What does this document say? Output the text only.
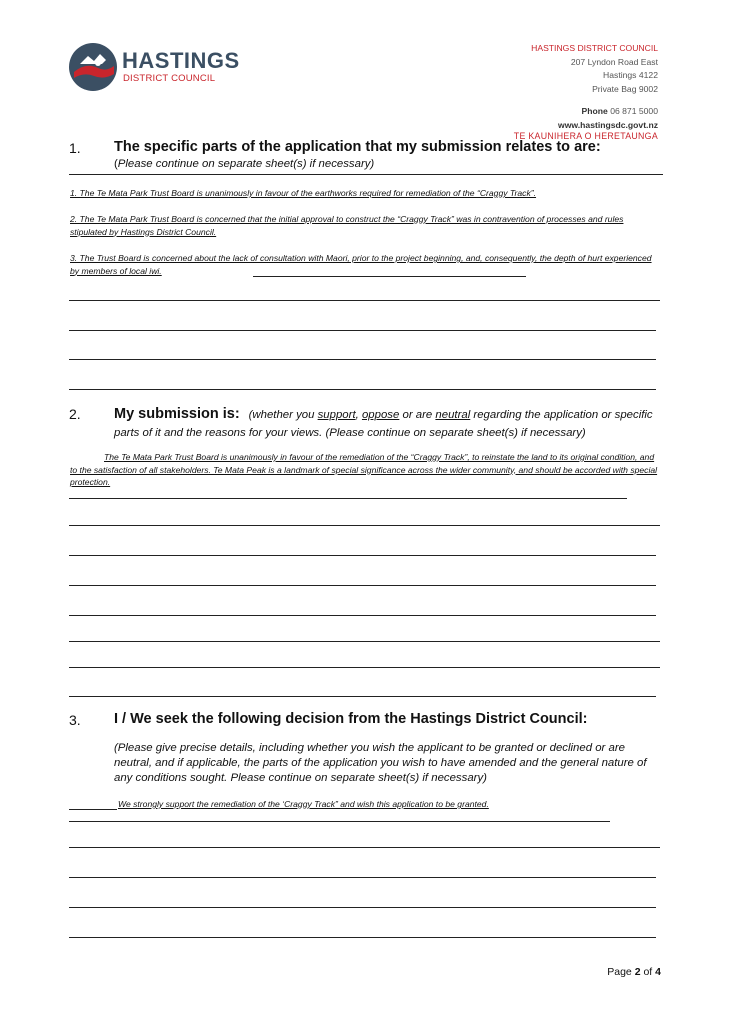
HASTINGS
DISTRICT COUNCIL
HASTINGS DISTRICT COUNCIL
207 Lyndon Road East
Hastings 4122
Private Bag 9002
Phone 06 871 5000
www.hastingsdc.govt.nz
TE KAUNIHERA O HERETAUNGA
1. The specific parts of the application that my submission relates to are:
(Please continue on separate sheet(s) if necessary)
1. The Te Mata Park Trust Board is unanimously in favour of the earthworks required for remediation of the “Craggy Track”.
2. The Te Mata Park Trust Board is concerned that the initial approval to construct the “Craggy Track” was in contravention of processes and rules stipulated by Hastings District Council.
3. The Trust Board is concerned about the lack of consultation with Maori, prior to the project beginning, and, consequently, the depth of hurt experienced by members of local iwi.
2. My submission is: (whether you support, oppose or are neutral regarding the application or specific parts of it and the reasons for your views. (Please continue on separate sheet(s) if necessary)
The Te Mata Park Trust Board is unanimously in favour of the remediation of the “Craggy Track”, to reinstate the land to its original condition, and to the satisfaction of all stakeholders. Te Mata Peak is a landmark of special significance across the wider community, and should be accorded with special protection.
3. I / We seek the following decision from the Hastings District Council:
(Please give precise details, including whether you wish the applicant to be granted or declined or are neutral, and if applicable, the parts of the application you wish to have amended and the general nature of any conditions sought. Please continue on separate sheet(s) if necessary)
We strongly support the remediation of the ‘Craggy Track” and wish this application to be granted.
Page 2 of 4
